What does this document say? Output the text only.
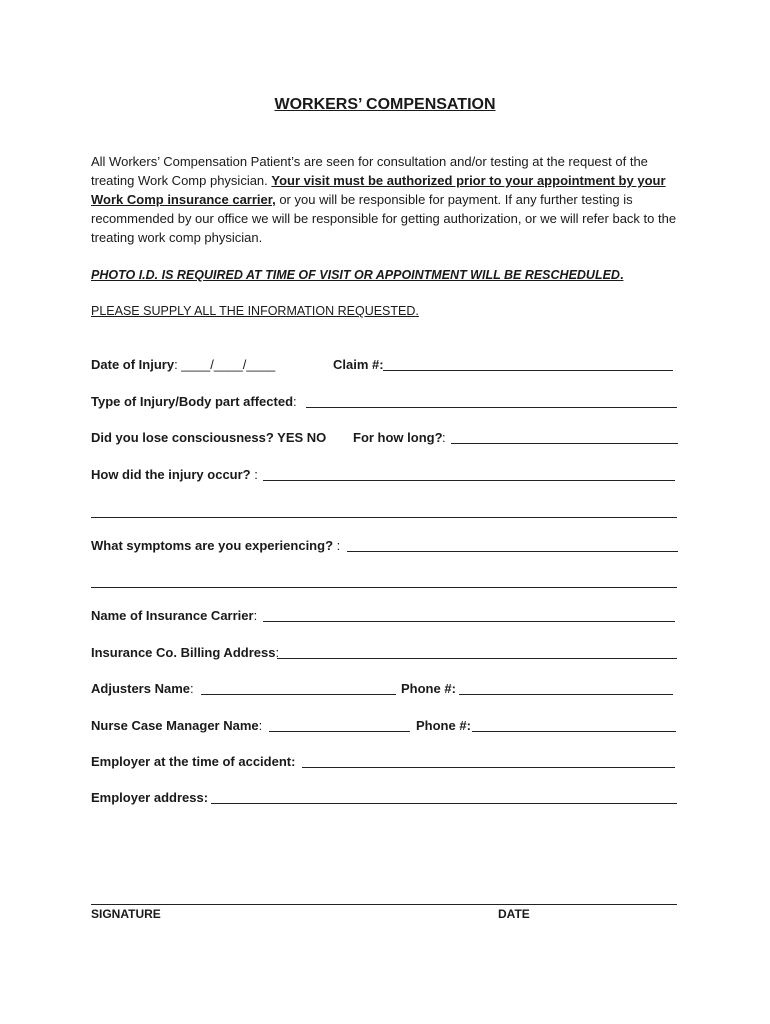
WORKERS’ COMPENSATION
All Workers’ Compensation Patient’s are seen for consultation and/or testing at the request of the treating Work Comp physician. Your visit must be authorized prior to your appointment by your Work Comp insurance carrier, or you will be responsible for payment. If any further testing is recommended by our office we will be responsible for getting authorization, or we will refer back to the treating work comp physician.
PHOTO I.D. IS REQUIRED AT TIME OF VISIT OR APPOINTMENT WILL BE RESCHEDULED.
PLEASE SUPPLY ALL THE INFORMATION REQUESTED.
Date of Injury: ____/____/____	Claim #:
Type of Injury/Body part affected:
Did you lose consciousness? YES NO For how long? :
How did the injury occur? :
What symptoms are you experiencing? :
Name of Insurance Carrier:
Insurance Co. Billing Address:
Adjusters Name:	Phone #:
Nurse Case Manager Name:	Phone #:
Employer at the time of accident:
Employer address:
SIGNATURE	DATE
